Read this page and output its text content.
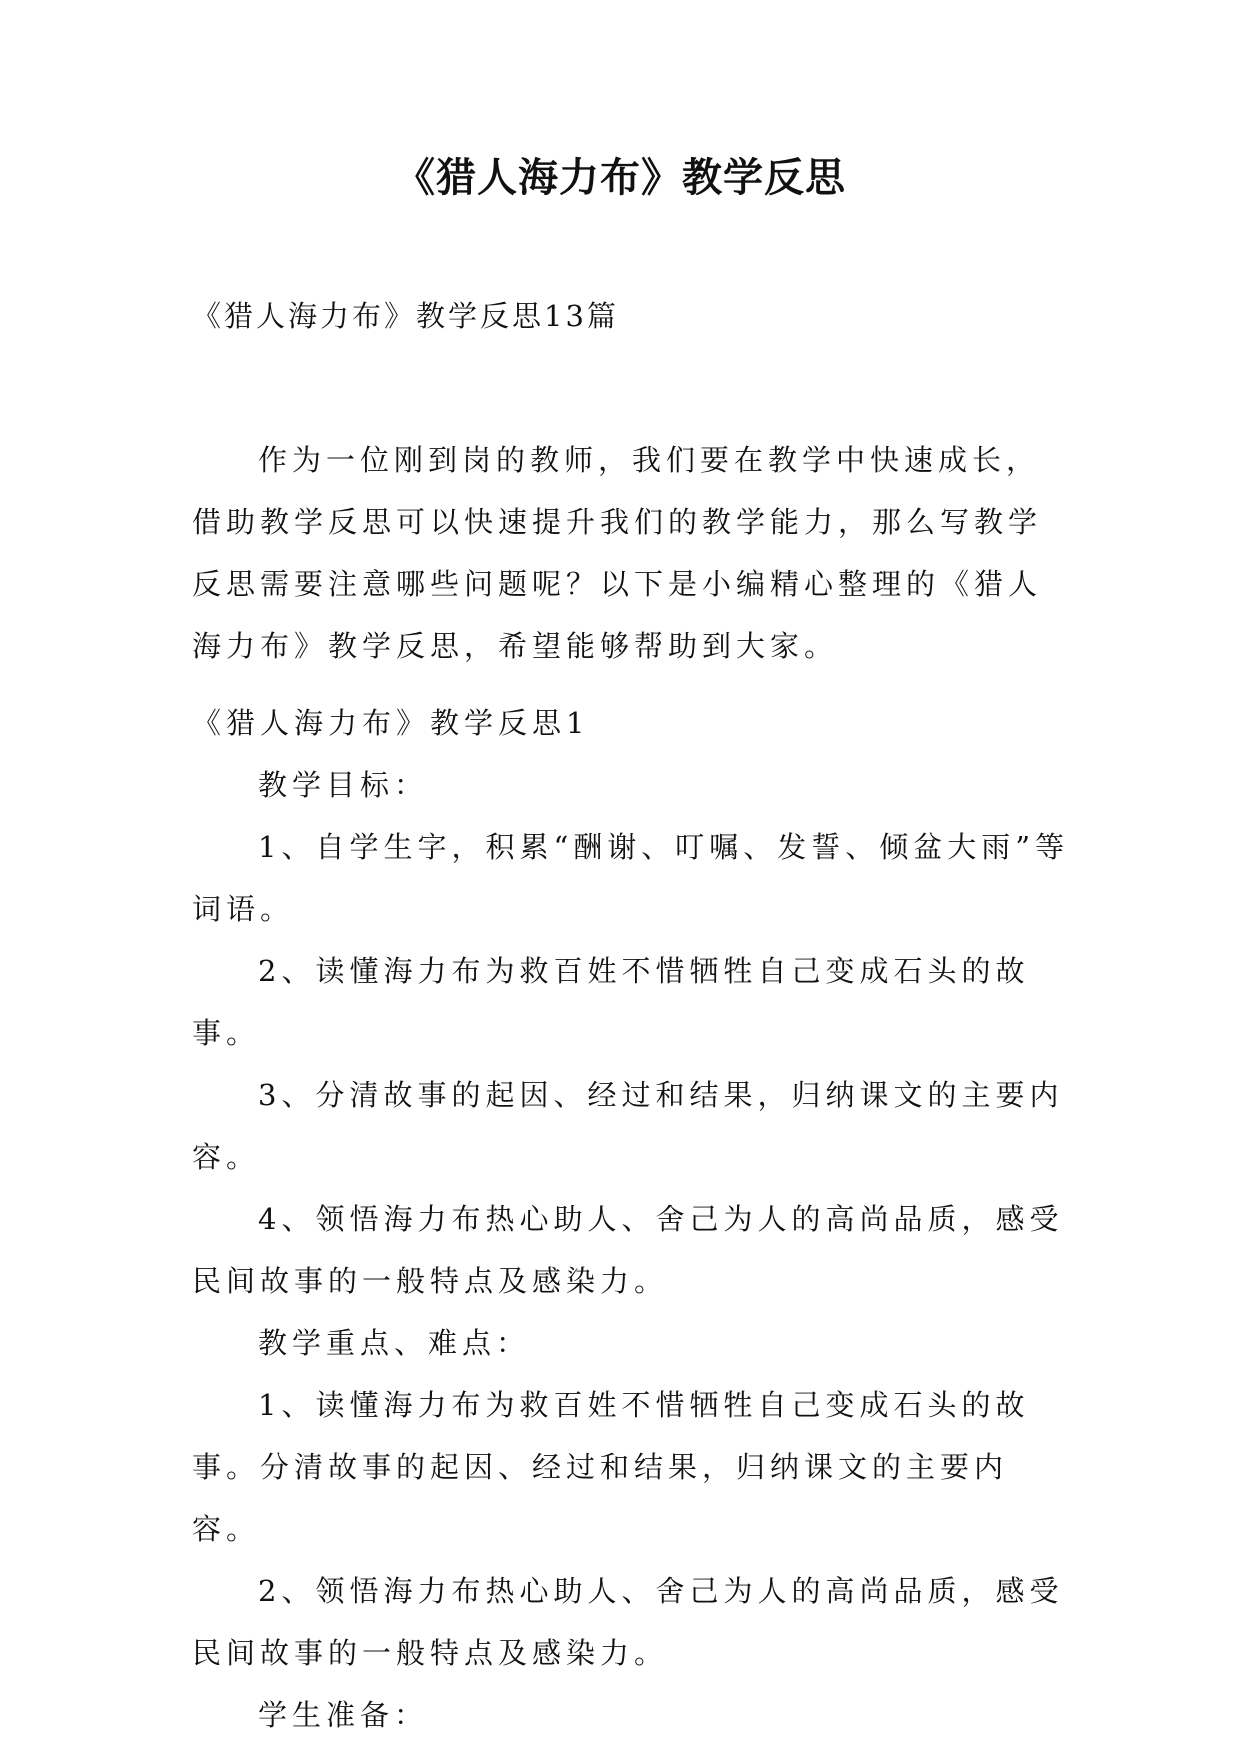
《猎人海力布》教学反思
《猎人海力布》教学反思13篇

作为一位刚到岗的教师，我们要在教学中快速成长，借助教学反思可以快速提升我们的教学能力，那么写教学反思需要注意哪些问题呢？以下是小编精心整理的《猎人海力布》教学反思，希望能够帮助到大家。

《猎人海力布》教学反思1

教学目标：

1、自学生字，积累“酬谢、叮嘱、发誓、倾盆大雨”等词语。

2、读懂海力布为救百姓不惜牺牲自己变成石头的故事。

3、分清故事的起因、经过和结果，归纳课文的主要内容。

4、领悟海力布热心助人、舍己为人的高尚品质，感受民间故事的一般特点及感染力。

教学重点、难点：

1、读懂海力布为救百姓不惜牺牲自己变成石头的故事。分清故事的起因、经过和结果，归纳课文的主要内容。

2、领悟海力布热心助人、舍己为人的高尚品质，感受民间故事的一般特点及感染力。

学生准备：
